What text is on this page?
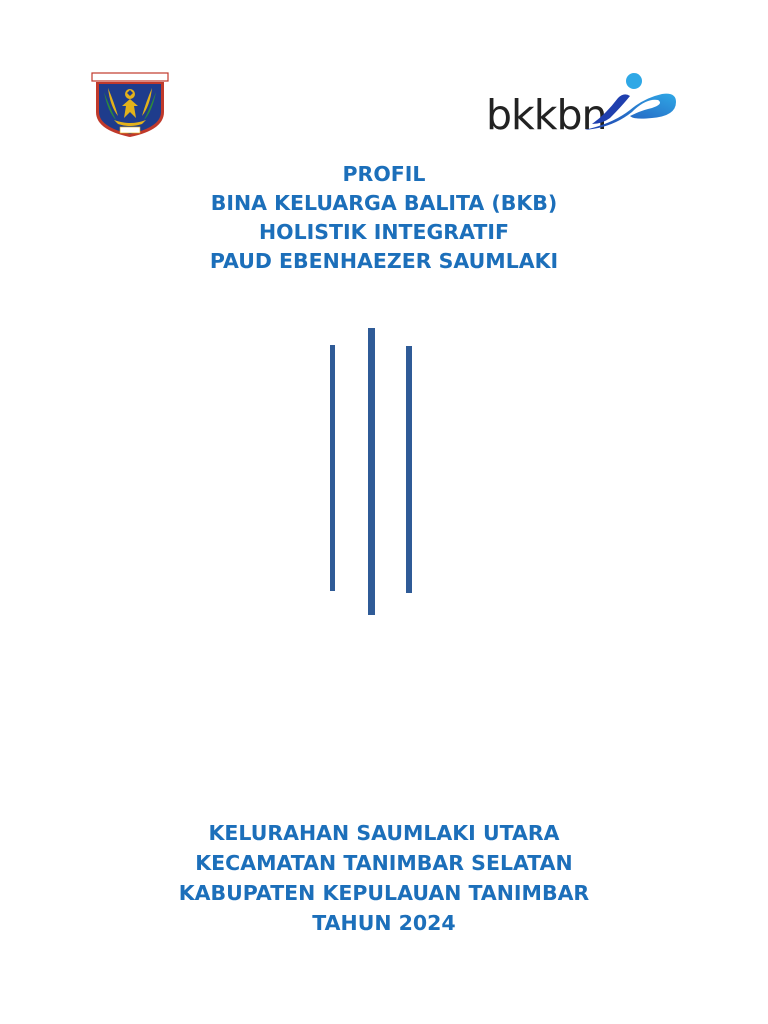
bkkbn
PROFIL
BINA KELUARGA BALITA (BKB)
HOLISTIK INTEGRATIF
PAUD EBENHAEZER SAUMLAKI
KELURAHAN SAUMLAKI UTARA
KECAMATAN TANIMBAR SELATAN
KABUPATEN KEPULAUAN TANIMBAR
TAHUN 2024
